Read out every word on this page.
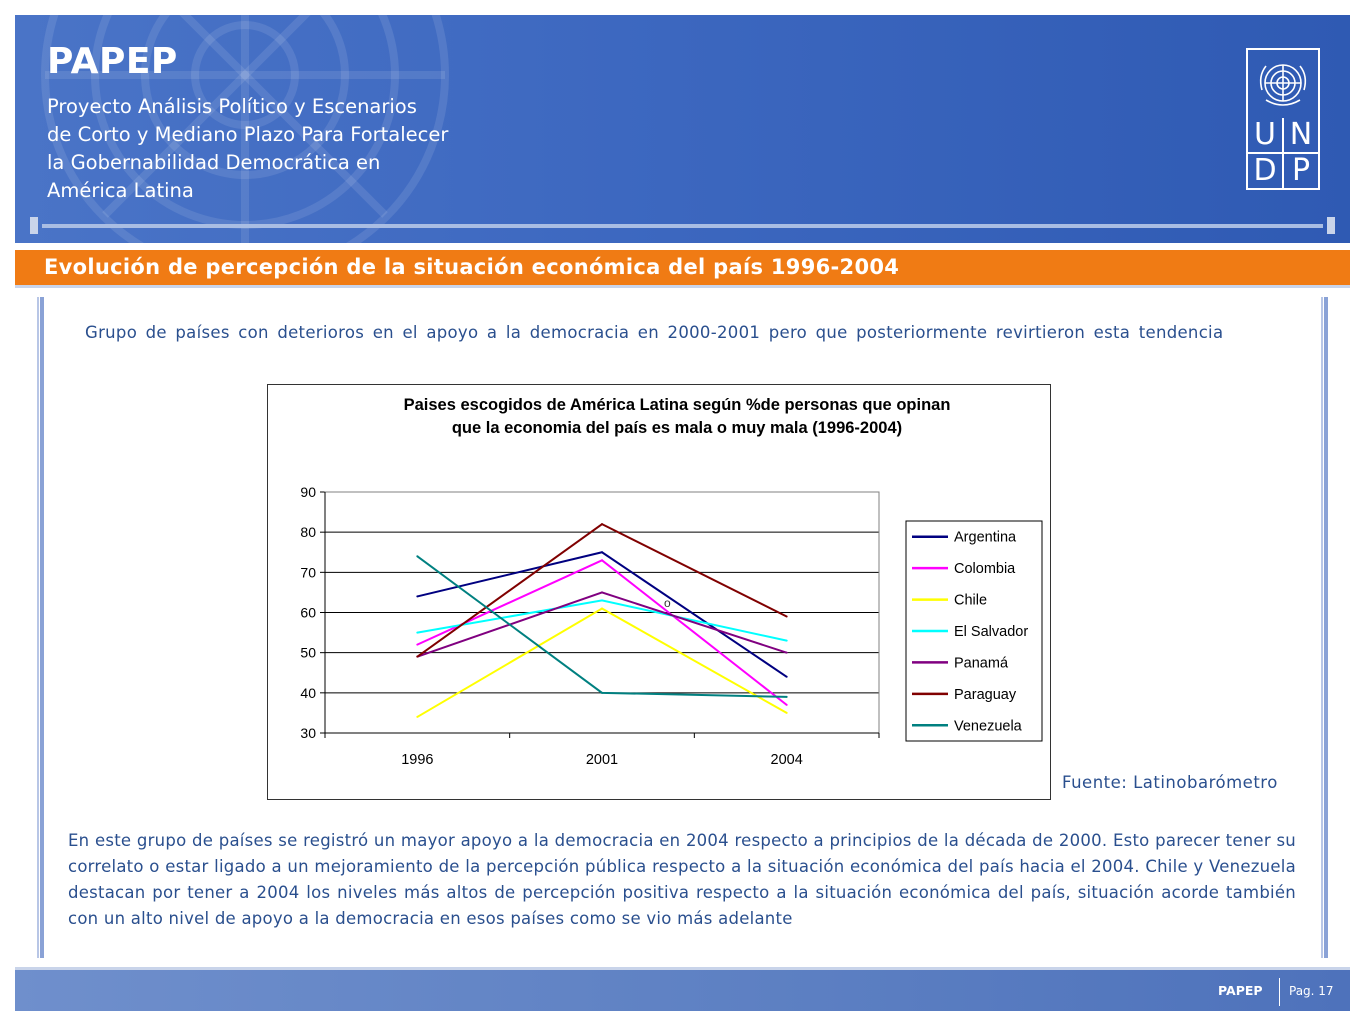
PAPEP
Proyecto Análisis Político y Escenarios
de Corto y Mediano Plazo Para Fortalecer
la Gobernabilidad Democrática en
América Latina
U N
D P
Evolución de percepción de la situación económica del país 1996-2004
Grupo de países con deterioros en el apoyo a la democracia en 2000-2001 pero que posteriormente revirtieron esta tendencia
Paises escogidos de América Latina según %de personas que opinan
que la economia del país es mala o muy mala (1996-2004)
30
40
50
60
70
80
90
1996	2001	2004
Argentina
Colombia
Chile
El Salvador
Panamá
Paraguay
Venezuela
o
Fuente: Latinobarómetro

En este grupo de países se registró un mayor apoyo a la democracia en 2004 respecto a principios de la década de 2000. Esto parecer tener su correlato o estar ligado a un mejoramiento de la percepción pública respecto a la situación económica del país hacia el 2004. Chile y Venezuela destacan por tener a 2004 los niveles más altos de percepción positiva respecto a la situación económica del país, situación acorde también con un alto nivel de apoyo a la democracia en esos países como se vio más adelante

PAPEP Pag. 17
